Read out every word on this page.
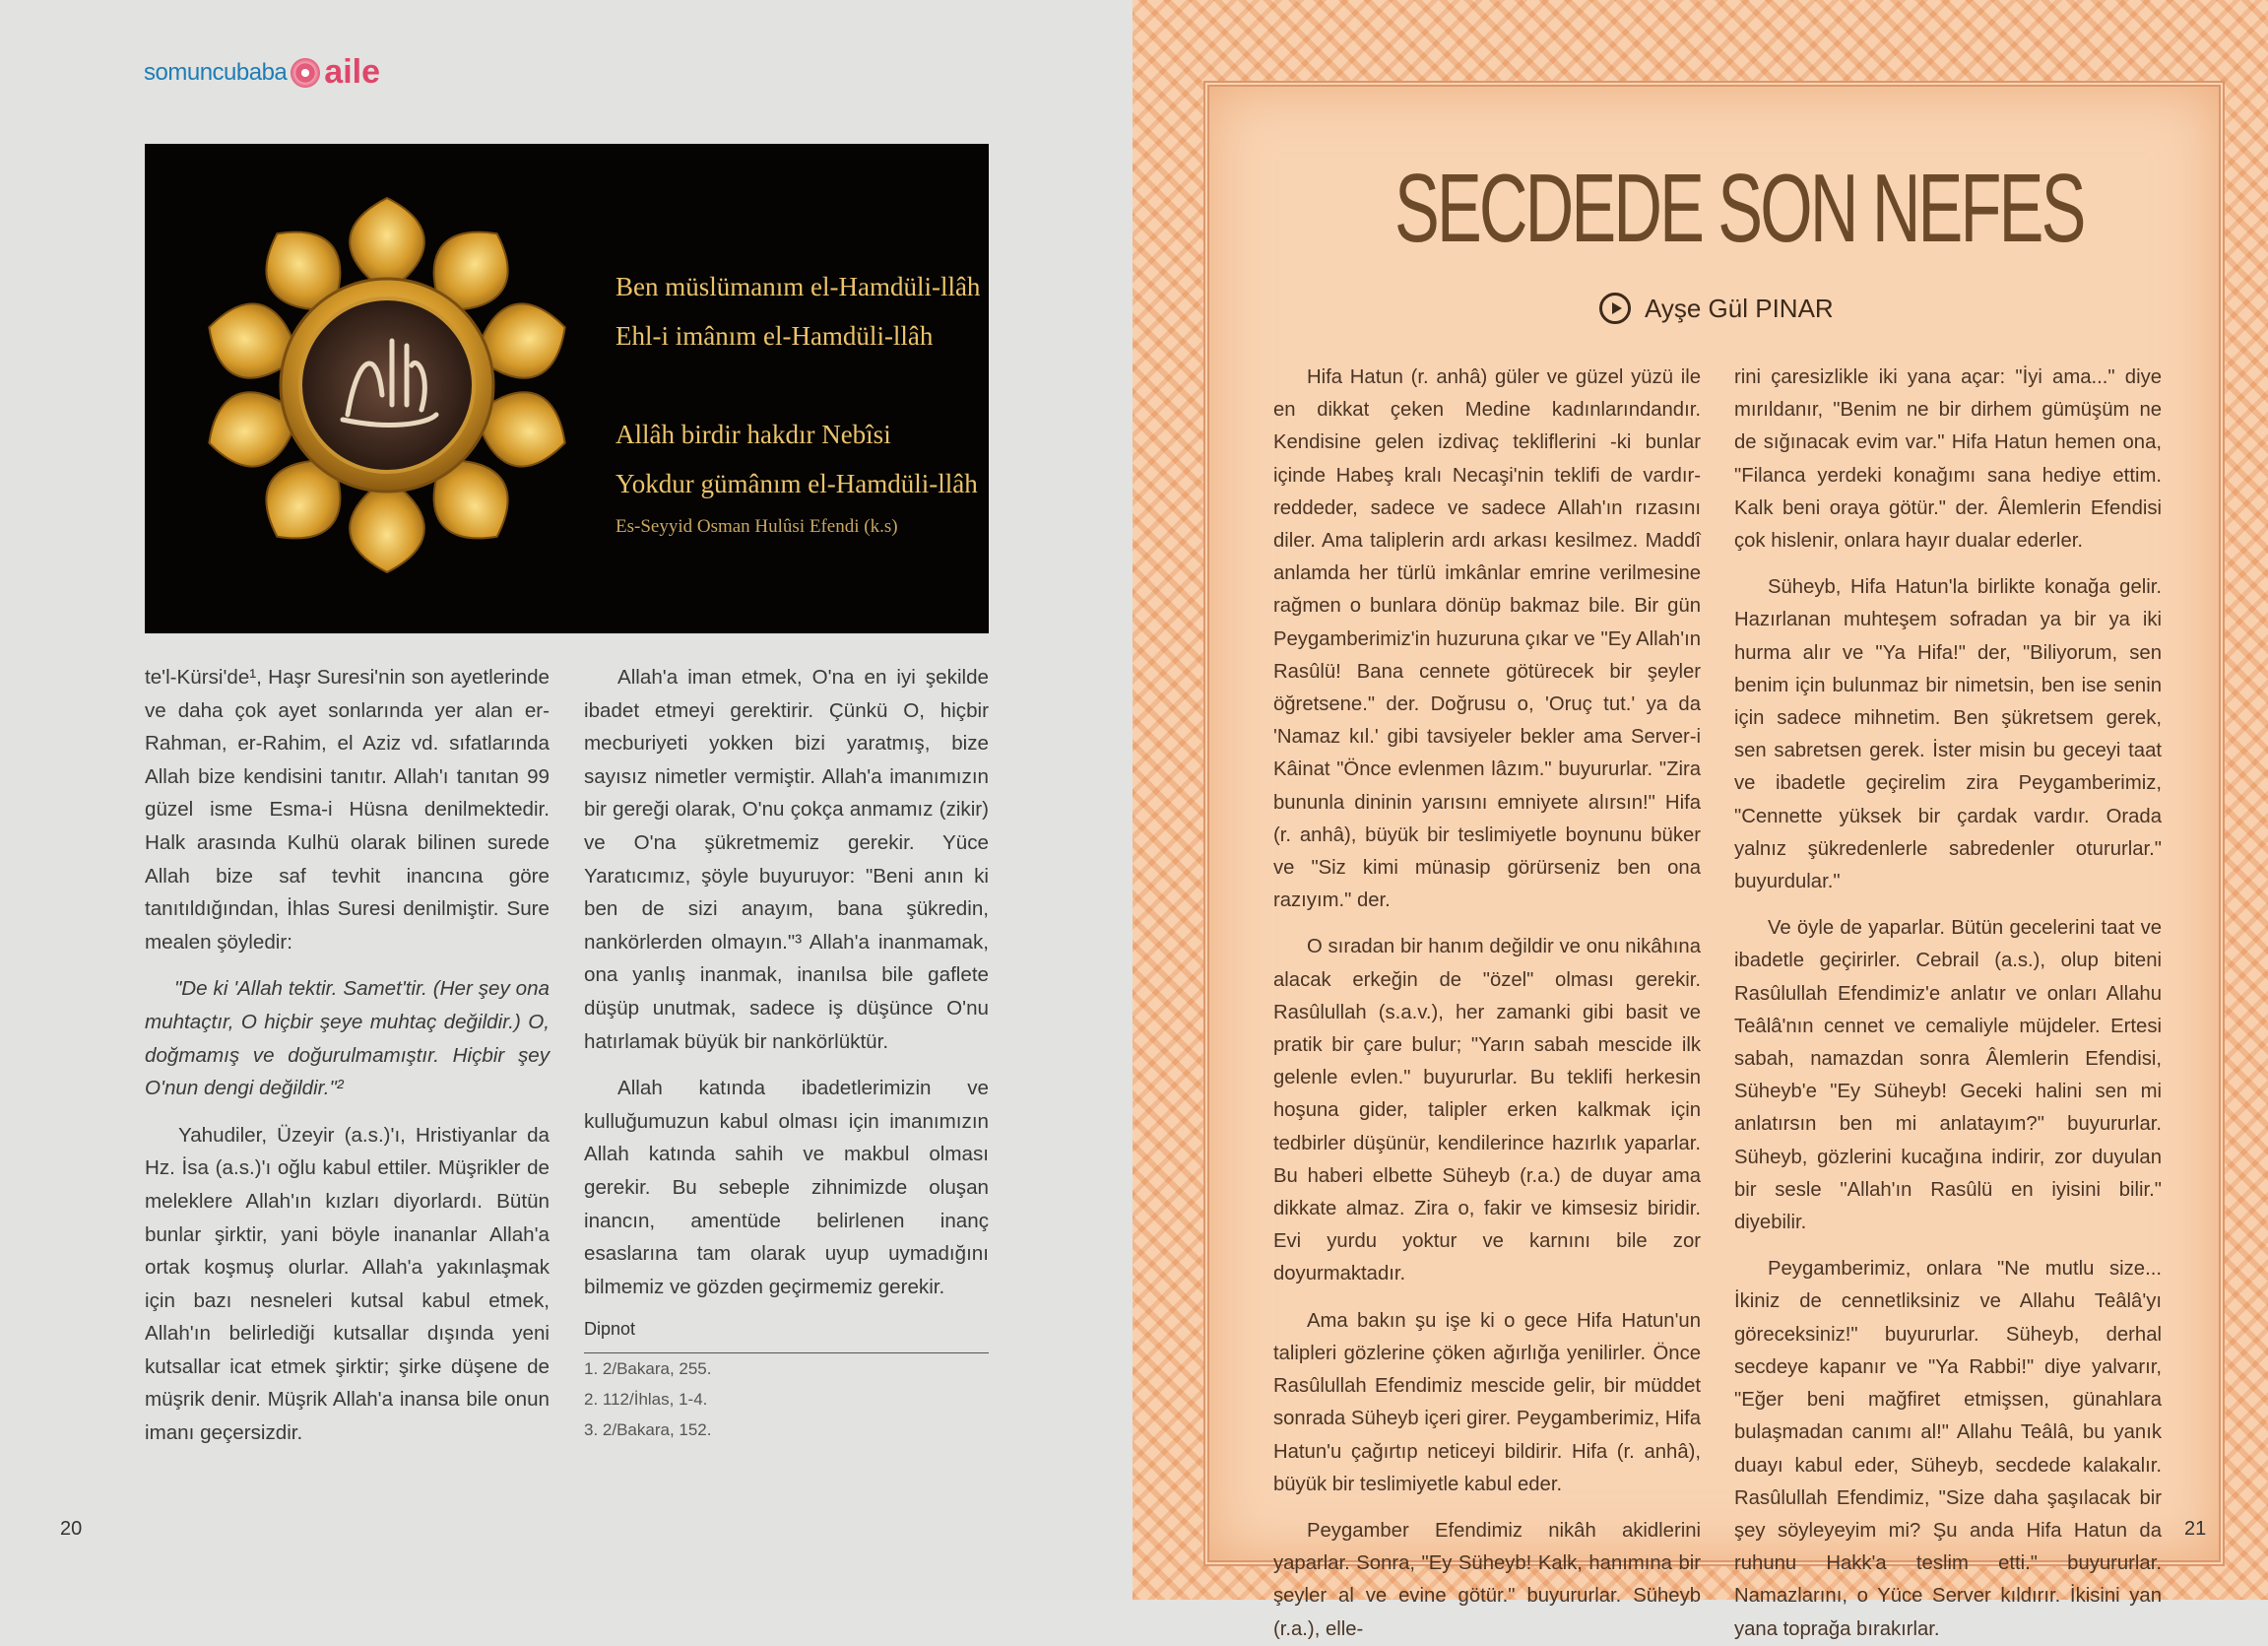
somuncubaba aile
Ben müslümanım el-Hamdüli-llâh
Ehl-i imânım el-Hamdüli-llâh
Allâh birdir hakdır Nebîsi
Yokdur gümânım el-Hamdüli-llâh
Es-Seyyid Osman Hulûsi Efendi (k.s)

te'l-Kürsi'de¹, Haşr Suresi'nin son ayetlerinde ve daha çok ayet sonlarında yer alan er-Rahman, er-Rahim, el Aziz vd. sıfatlarında Allah bize kendisini tanıtır. Allah'ı tanıtan 99 güzel isme Esma-i Hüsna denilmektedir. Halk arasında Kulhü olarak bilinen surede Allah bize saf tevhit inancına göre tanıtıldığından, İhlas Suresi denilmiştir. Sure mealen şöyledir:

"De ki 'Allah tektir. Samet'tir. (Her şey ona muhtaçtır, O hiçbir şeye muhtaç değildir.) O, doğmamış ve doğurulmamıştır. Hiçbir şey O'nun dengi değildir."²

Yahudiler, Üzeyir (a.s.)'ı, Hristiyanlar da Hz. İsa (a.s.)'ı oğlu kabul ettiler. Müşrikler de meleklere Allah'ın kızları diyorlardı. Bütün bunlar şirktir, yani böyle inananlar Allah'a ortak koşmuş olurlar. Allah'a yakınlaşmak için bazı nesneleri kutsal kabul etmek, Allah'ın belirlediği kutsallar dışında yeni kutsallar icat etmek şirktir; şirke düşene de müşrik denir. Müşrik Allah'a inansa bile onun imanı geçersizdir.

Allah'a iman etmek, O'na en iyi şekilde ibadet etmeyi gerektirir. Çünkü O, hiçbir mecburiyeti yokken bizi yaratmış, bize sayısız nimetler vermiştir. Allah'a imanımızın bir gereği olarak, O'nu çokça anmamız (zikir) ve O'na şükretmemiz gerekir. Yüce Yaratıcımız, şöyle buyuruyor: "Beni anın ki ben de sizi anayım, bana şükredin, nankörlerden olmayın."³ Allah'a inanmamak, ona yanlış inanmak, inanılsa bile gaflete düşüp unutmak, sadece iş düşünce O'nu hatırlamak büyük bir nankörlüktür.

Allah katında ibadetlerimizin ve kulluğumuzun kabul olması için imanımızın Allah katında sahih ve makbul olması gerekir. Bu sebeple zihnimizde oluşan inancın, amentüde belirlenen inanç esaslarına tam olarak uyup uymadığını bilmemiz ve gözden geçirmemiz gerekir.

Dipnot
1. 2/Bakara, 255.
2. 112/İhlas, 1-4.
3. 2/Bakara, 152.
20	21
SECDEDE SON NEFES
Ayşe Gül PINAR

Hifa Hatun (r. anhâ) güler ve güzel yüzü ile en dikkat çeken Medine kadınlarındandır. Kendisine gelen izdivaç tekliflerini -ki bunlar içinde Habeş kralı Necaşi'nin teklifi de vardır- reddeder, sadece ve sadece Allah'ın rızasını diler. Ama taliplerin ardı arkası kesilmez. Maddî anlamda her türlü imkânlar emrine verilmesine rağmen o bunlara dönüp bakmaz bile. Bir gün Peygamberimiz'in huzuruna çıkar ve "Ey Allah'ın Rasûlü! Bana cennete götürecek bir şeyler öğretsene." der. Doğrusu o, 'Oruç tut.' ya da 'Namaz kıl.' gibi tavsiyeler bekler ama Server-i Kâinat "Önce evlenmen lâzım." buyururlar. "Zira bununla dininin yarısını emniyete alırsın!" Hifa (r. anhâ), büyük bir teslimiyetle boynunu büker ve "Siz kimi münasip görürseniz ben ona razıyım." der.

O sıradan bir hanım değildir ve onu nikâhına alacak erkeğin de "özel" olması gerekir. Rasûlullah (s.a.v.), her zamanki gibi basit ve pratik bir çare bulur; "Yarın sabah mescide ilk gelenle evlen." buyururlar. Bu teklifi herkesin hoşuna gider, talipler erken kalkmak için tedbirler düşünür, kendilerince hazırlık yaparlar. Bu haberi elbette Süheyb (r.a.) de duyar ama dikkate almaz. Zira o, fakir ve kimsesiz biridir. Evi yurdu yoktur ve karnını bile zor doyurmaktadır.

Ama bakın şu işe ki o gece Hifa Hatun'un talipleri gözlerine çöken ağırlığa yenilirler. Önce Rasûlullah Efendimiz mescide gelir, bir müddet sonrada Süheyb içeri girer. Peygamberimiz, Hifa Hatun'u çağırtıp neticeyi bildirir. Hifa (r. anhâ), büyük bir teslimiyetle kabul eder.

Peygamber Efendimiz nikâh akidlerini yaparlar. Sonra, "Ey Süheyb! Kalk, hanımına bir şeyler al ve evine götür." buyururlar. Süheyb (r.a.), elle-

rini çaresizlikle iki yana açar: "İyi ama..." diye mırıldanır, "Benim ne bir dirhem gümüşüm ne de sığınacak evim var." Hifa Hatun hemen ona, "Filanca yerdeki konağımı sana hediye ettim. Kalk beni oraya götür." der. Âlemlerin Efendisi çok hislenir, onlara hayır dualar ederler.

Süheyb, Hifa Hatun'la birlikte konağa gelir. Hazırlanan muhteşem sofradan ya bir ya iki hurma alır ve "Ya Hifa!" der, "Biliyorum, sen benim için bulunmaz bir nimetsin, ben ise senin için sadece mihnetim. Ben şükretsem gerek, sen sabretsen gerek. İster misin bu geceyi taat ve ibadetle geçirelim zira Peygamberimiz, "Cennette yüksek bir çardak vardır. Orada yalnız şükredenlerle sabredenler otururlar." buyurdular."

Ve öyle de yaparlar. Bütün gecelerini taat ve ibadetle geçirirler. Cebrail (a.s.), olup biteni Rasûlullah Efendimiz'e anlatır ve onları Allahu Teâlâ'nın cennet ve cemaliyle müjdeler. Ertesi sabah, namazdan sonra Âlemlerin Efendisi, Süheyb'e "Ey Süheyb! Geceki halini sen mi anlatırsın ben mi anlatayım?" buyururlar. Süheyb, gözlerini kucağına indirir, zor duyulan bir sesle "Allah'ın Rasûlü en iyisini bilir." diyebilir.

Peygamberimiz, onlara "Ne mutlu size... İkiniz de cennetliksiniz ve Allahu Teâlâ'yı göreceksiniz!" buyururlar. Süheyb, derhal secdeye kapanır ve "Ya Rabbi!" diye yalvarır, "Eğer beni mağfiret etmişsen, günahlara bulaşmadan canımı al!" Allahu Teâlâ, bu yanık duayı kabul eder, Süheyb, secdede kalakalır. Rasûlullah Efendimiz, "Size daha şaşılacak bir şey söyleyeyim mi? Şu anda Hifa Hatun da ruhunu Hakk'a teslim etti." buyururlar. Namazlarını, o Yüce Server kıldırır. İkisini yan yana toprağa bırakırlar.
